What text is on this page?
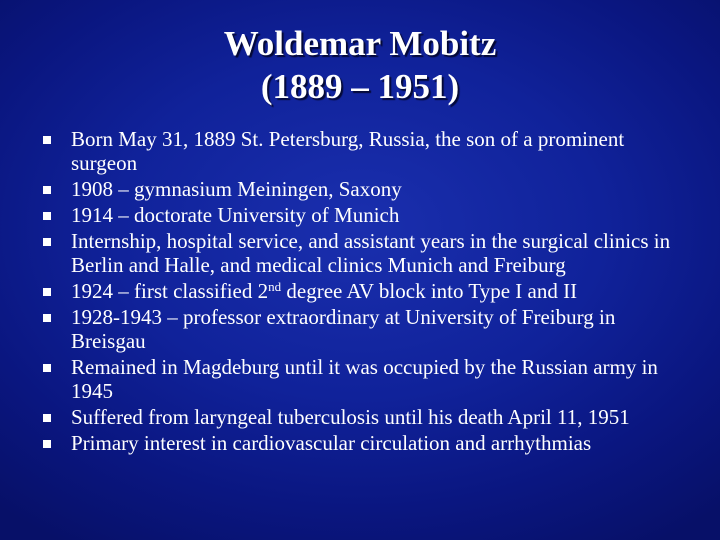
Woldemar Mobitz
(1889 – 1951)
Born May 31, 1889 St. Petersburg, Russia, the son of a prominent surgeon
1908 – gymnasium Meiningen, Saxony
1914 – doctorate University of Munich
Internship, hospital service, and assistant years in the surgical clinics in Berlin and Halle, and medical clinics Munich and Freiburg
1924 – first classified 2nd degree AV block into Type I and II
1928-1943 – professor extraordinary at University of Freiburg in Breisgau
Remained in Magdeburg until it was occupied by the Russian army in 1945
Suffered from laryngeal tuberculosis until his death April 11, 1951
Primary interest in cardiovascular circulation and arrhythmias
